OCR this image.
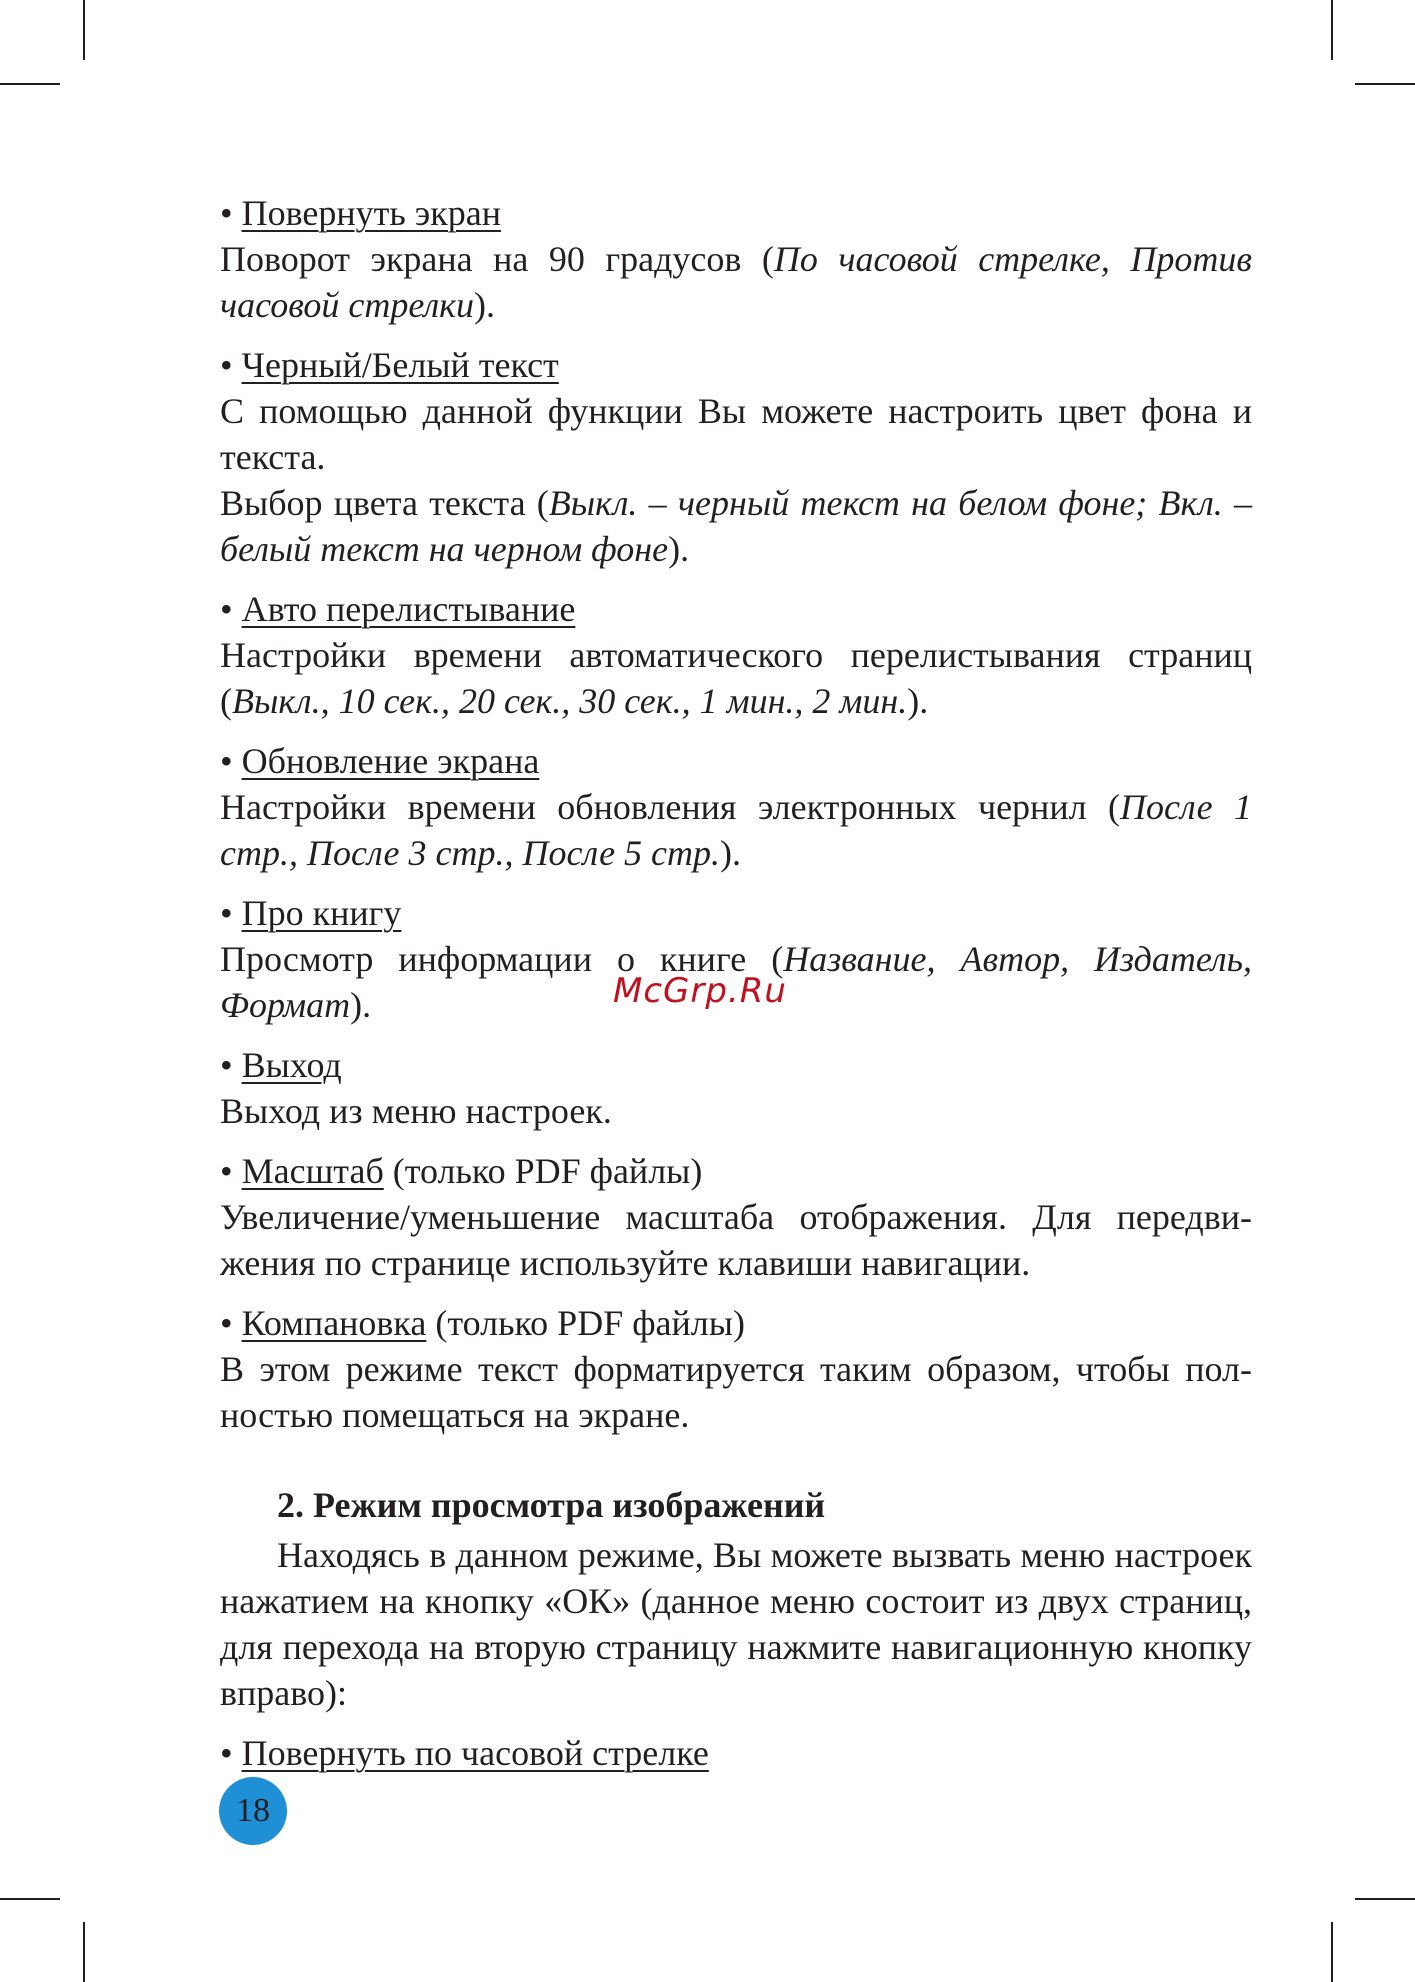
• Повернуть экран

Поворот экрана на 90 градусов (По часовой стрелке, Против часовой стрелки).

• Черный/Белый текст

С помощью данной функции Вы можете настроить цвет фона и текста.
Выбор цвета текста (Выкл. – черный текст на белом фоне; Вкл. – белый текст на черном фоне).

• Авто перелистывание

Настройки времени автоматического перелистывания страниц (Выкл., 10 сек., 20 сек., 30 сек., 1 мин., 2 мин.).

• Обновление экрана

Настройки времени обновления электронных чернил (После 1 стр., После 3 стр., После 5 стр.).

• Про книгу

Просмотр информации о книге (Название, Автор, Издатель, Формат).

• Выход

Выход из меню настроек.

• Масштаб (только PDF файлы)

Увеличение/уменьшение масштаба отображения. Для передвижения по странице используйте клавиши навигации.

• Компановка (только PDF файлы)

В этом режиме текст форматируется таким образом, чтобы полностью помещаться на экране.

2. Режим просмотра изображений

Находясь в данном режиме, Вы можете вызвать меню настроек нажатием на кнопку «ОК» (данное меню состоит из двух страниц, для перехода на вторую страницу нажмите навигационную кнопку вправо):

• Повернуть по часовой стрелке

McGrp.Ru
18
